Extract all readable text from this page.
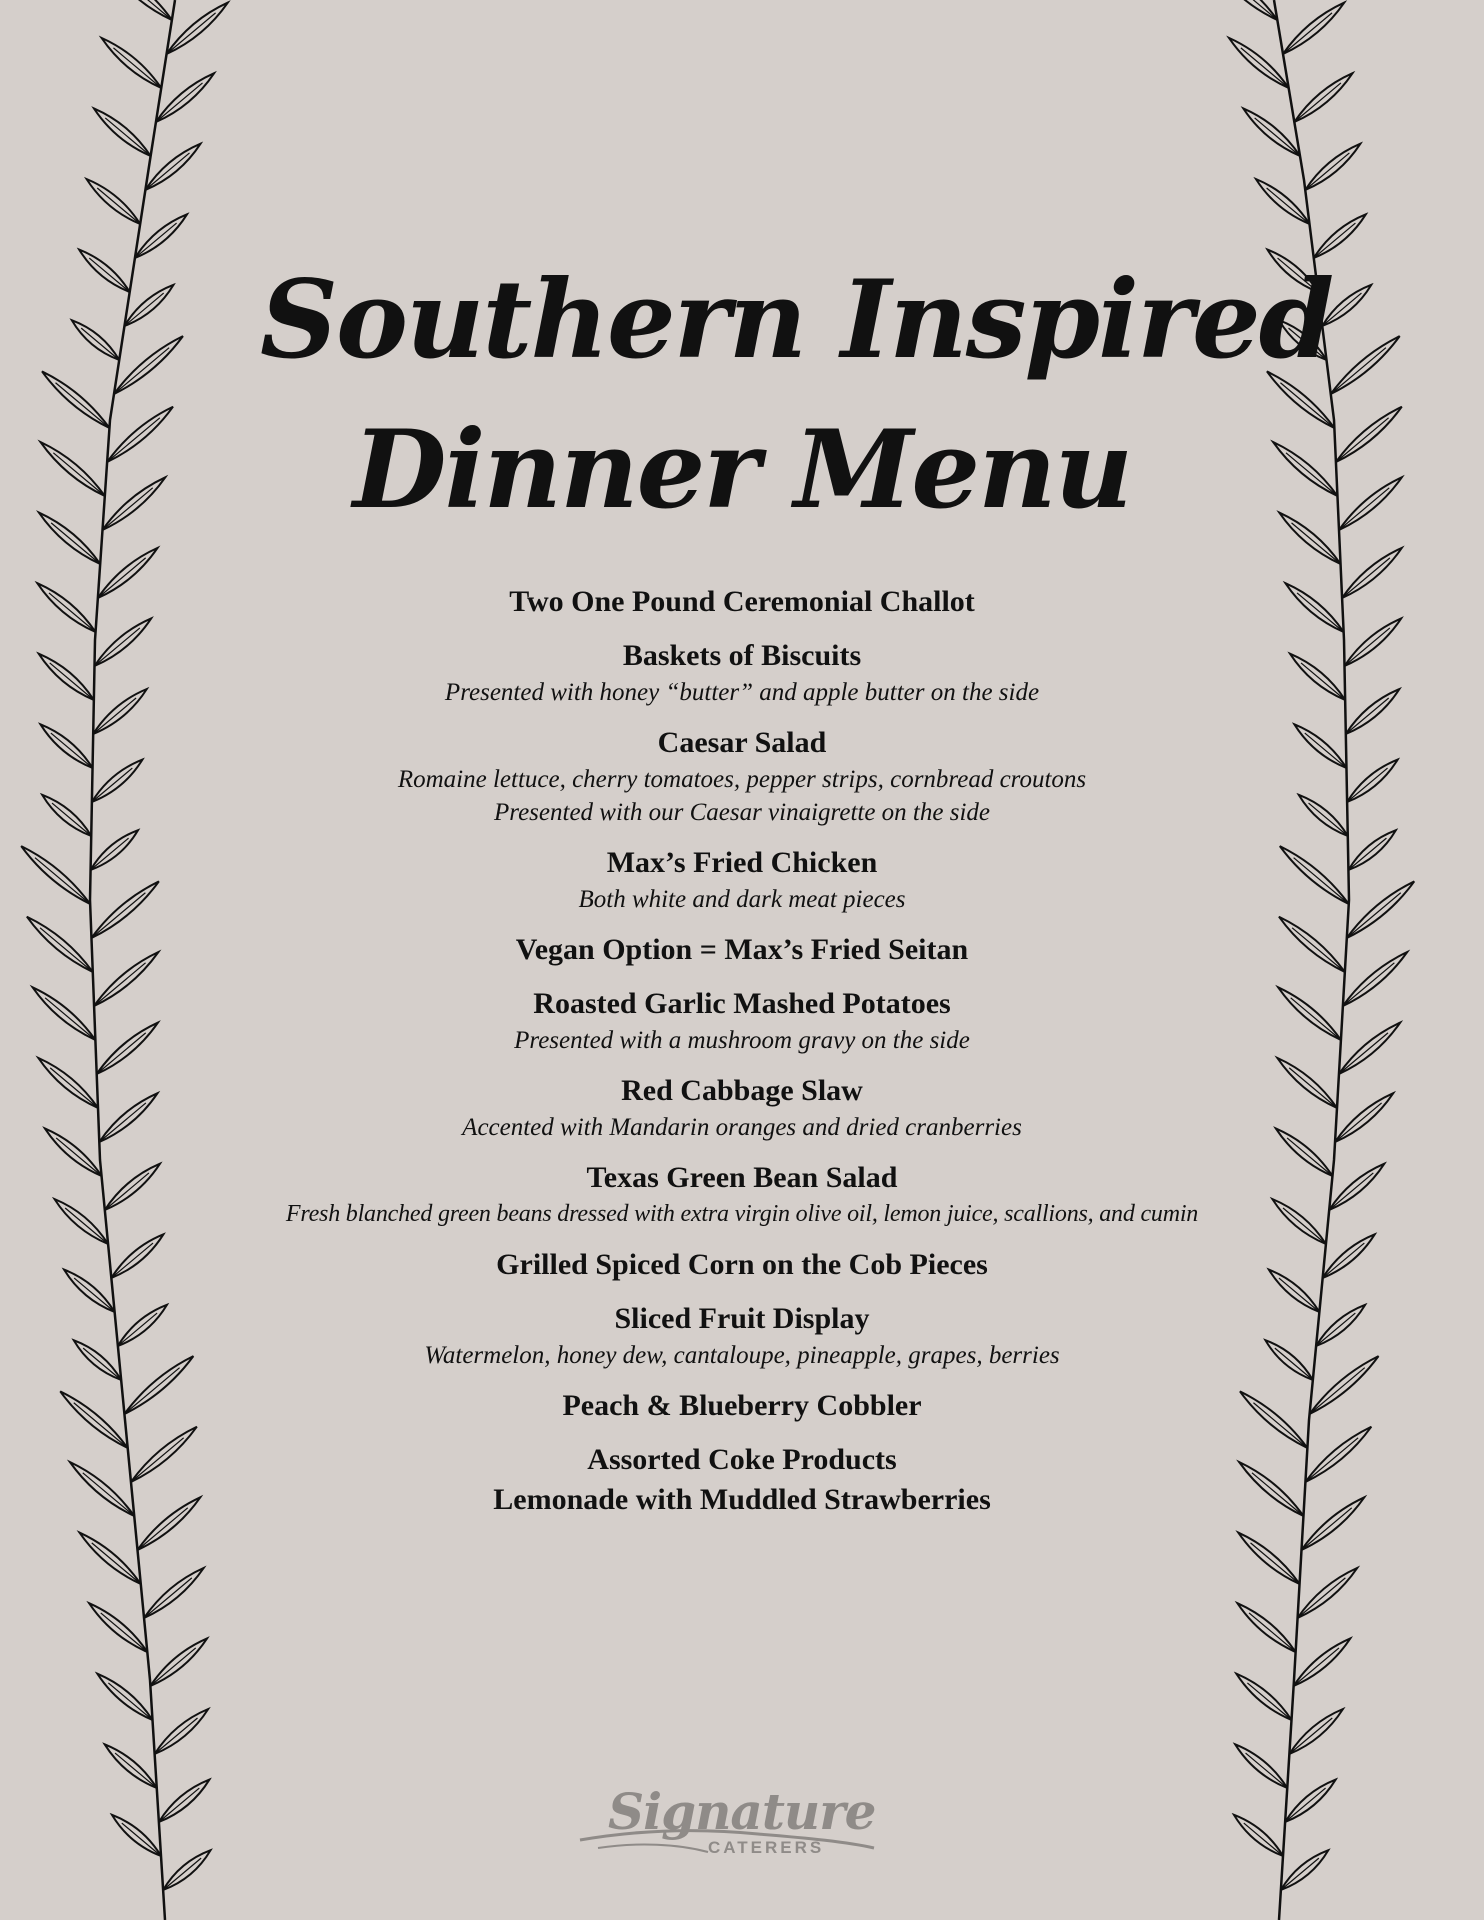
Southern Inspired
Dinner Menu
Two One Pound Ceremonial Challot
Baskets of Biscuits
Presented with honey “butter” and apple butter on the side
Caesar Salad
Romaine lettuce, cherry tomatoes, pepper strips, cornbread croutons
Presented with our Caesar vinaigrette on the side
Max’s Fried Chicken
Both white and dark meat pieces
Vegan Option = Max’s Fried Seitan
Roasted Garlic Mashed Potatoes
Presented with a mushroom gravy on the side
Red Cabbage Slaw
Accented with Mandarin oranges and dried cranberries
Texas Green Bean Salad
Fresh blanched green beans dressed with extra virgin olive oil, lemon juice, scallions, and cumin
Grilled Spiced Corn on the Cob Pieces
Sliced Fruit Display
Watermelon, honey dew, cantaloupe, pineapple, grapes, berries
Peach & Blueberry Cobbler
Assorted Coke Products
Lemonade with Muddled Strawberries
Signature
CATERERS
